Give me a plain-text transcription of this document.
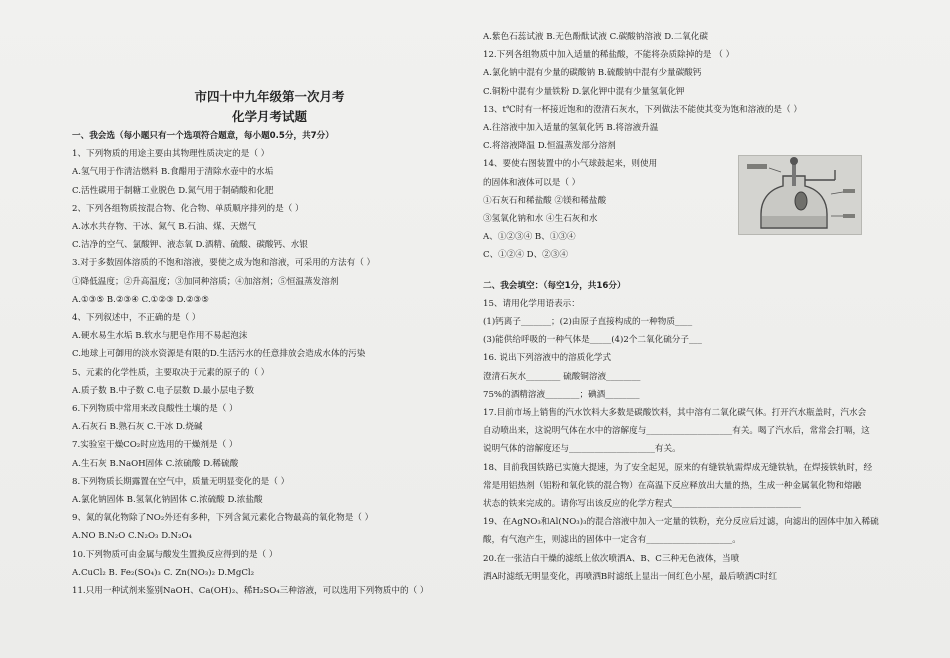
市四十中九年级第一次月考
化学月考试题
一、我会选（每小题只有一个选项符合题意，每小题0.5分，共7分）
1、下列物质的用途主要由其物理性质决定的是（ ）
A.氢气用于作清洁燃料 B.食醋用于清除水壶中的水垢
C.活性碳用于制糖工业脱色 D.氮气用于制硝酸和化肥
2、下列各组物质按混合物、化合物、单质顺序排列的是（ ）
A.冰水共存物、干冰、氮气 B.石油、煤、天燃气
C.洁净的空气、氯酸钾、液态氧 D.酒精、硫酸、碳酸钙、水银
3.对于多数固体溶质的不饱和溶液，要使之成为饱和溶液，可采用的方法有（ ）
①降低温度；②升高温度；③加同种溶质；④加溶剂；⑤恒温蒸发溶剂
A.①③⑤ B.②③④ C.①②③ D.②③⑤
4、下列叙述中，不正确的是（ ）
A.硬水易生水垢 B.软水与肥皂作用不易起泡沫
C.地球上可御用的淡水资源是有限的D.生活污水的任意排放会造成水体的污染
5、元素的化学性质，主要取决于元素的原子的（ ）
A.质子数 B.中子数 C.电子层数 D.最小层电子数
6.下列物质中常用来改良酸性土壤的是（ ）
A.石灰石 B.熟石灰 C.干冰 D.烧碱
7.实验室干燥CO₂时应选用的干燥剂是（ ）
A.生石灰 B.NaOH固体 C.浓硫酸 D.稀硫酸
8.下列物质长期露置在空气中，质量无明显变化的是（ ）
A.氯化钠固体 B.氢氧化钠固体 C.浓硫酸 D.浓盐酸
9、氮的氧化物除了NO₂外还有多种，下列含氮元素化合物最高的氧化物是（ ）
A.NO B.N₂O C.N₂O₃ D.N₂O₄
10.下列物质可由金属与酸发生置换反应得到的是（ ）
A.CuCl₂ B. Fe₂(SO₄)₃ C. Zn(NO₃)₂ D.MgCl₂
11.只用一种试剂来鉴别NaOH、Ca(OH)₂、稀H₂SO₄三种溶液，可以选用下列物质中的（ ）
A.紫色石蕊试液 B.无色酚酞试液 C.碳酸钠溶液 D.二氧化碳
12.下列各组物质中加入适量的稀盐酸，不能将杂质除掉的是 （ ）
A.氯化钠中混有少量的碳酸钠 B.硫酸钠中混有少量碳酸钙
C.铜粉中混有少量铁粉 D.氯化钾中混有少量氢氧化钾
13、t℃时有一杯接近饱和的澄清石灰水，下列做法不能使其变为饱和溶液的是（ ）
A.往溶液中加入适量的氢氧化钙 B.将溶液升温
C.将溶液降温 D.恒温蒸发部分溶剂
14、要使右图装置中的小气球鼓起来，则使用
的固体和液体可以是（ ）
①石灰石和稀盐酸 ②镁和稀盐酸
③氢氧化钠和水 ④生石灰和水
A、①②③④ B、①③④
C、①②④ D、②③④
二、我会填空：（每空1分，共16分）
15、请用化学用语表示：
(1)钙离子_______；(2)由原子直接构成的一种物质____
(3)能供给呼吸的一种气体是_____(4)2个二氧化硫分子___
16. 说出下列溶液中的溶质化学式
澄清石灰水________ 硫酸铜溶液________
75%的酒精溶液________；碘酒________
17.目前市场上销售的汽水饮料大多数是碳酸饮料，其中溶有二氧化碳气体。打开汽水瓶盖时，汽水会
自动喷出来，这说明气体在水中的溶解度与____________________有关。喝了汽水后，常常会打嗝，这
说明气体的溶解度还与____________________有关。
18、目前我国铁路已实施大提速，为了安全起见，原来的有缝铁轨需焊成无缝铁轨，在焊接铁轨时，经
常是用铝热剂（铝粉和氧化铁的混合物）在高温下反应释放出大量的热，生成一种金属氧化物和熔融
状态的铁来完成的。请你写出该反应的化学方程式______________________________
19、在AgNO₃和Al(NO₃)₃的混合溶液中加入一定量的铁粉，充分反应后过滤，向滤出的固体中加入稀硫
酸，有气泡产生，则滤出的固体中一定含有____________________。
20.在一张洁白干燥的滤纸上依次喷洒A、B、C三种无色液体，当喷
洒A时滤纸无明显变化，再喷洒B时滤纸上显出一间红色小屋，最后喷洒C时红
